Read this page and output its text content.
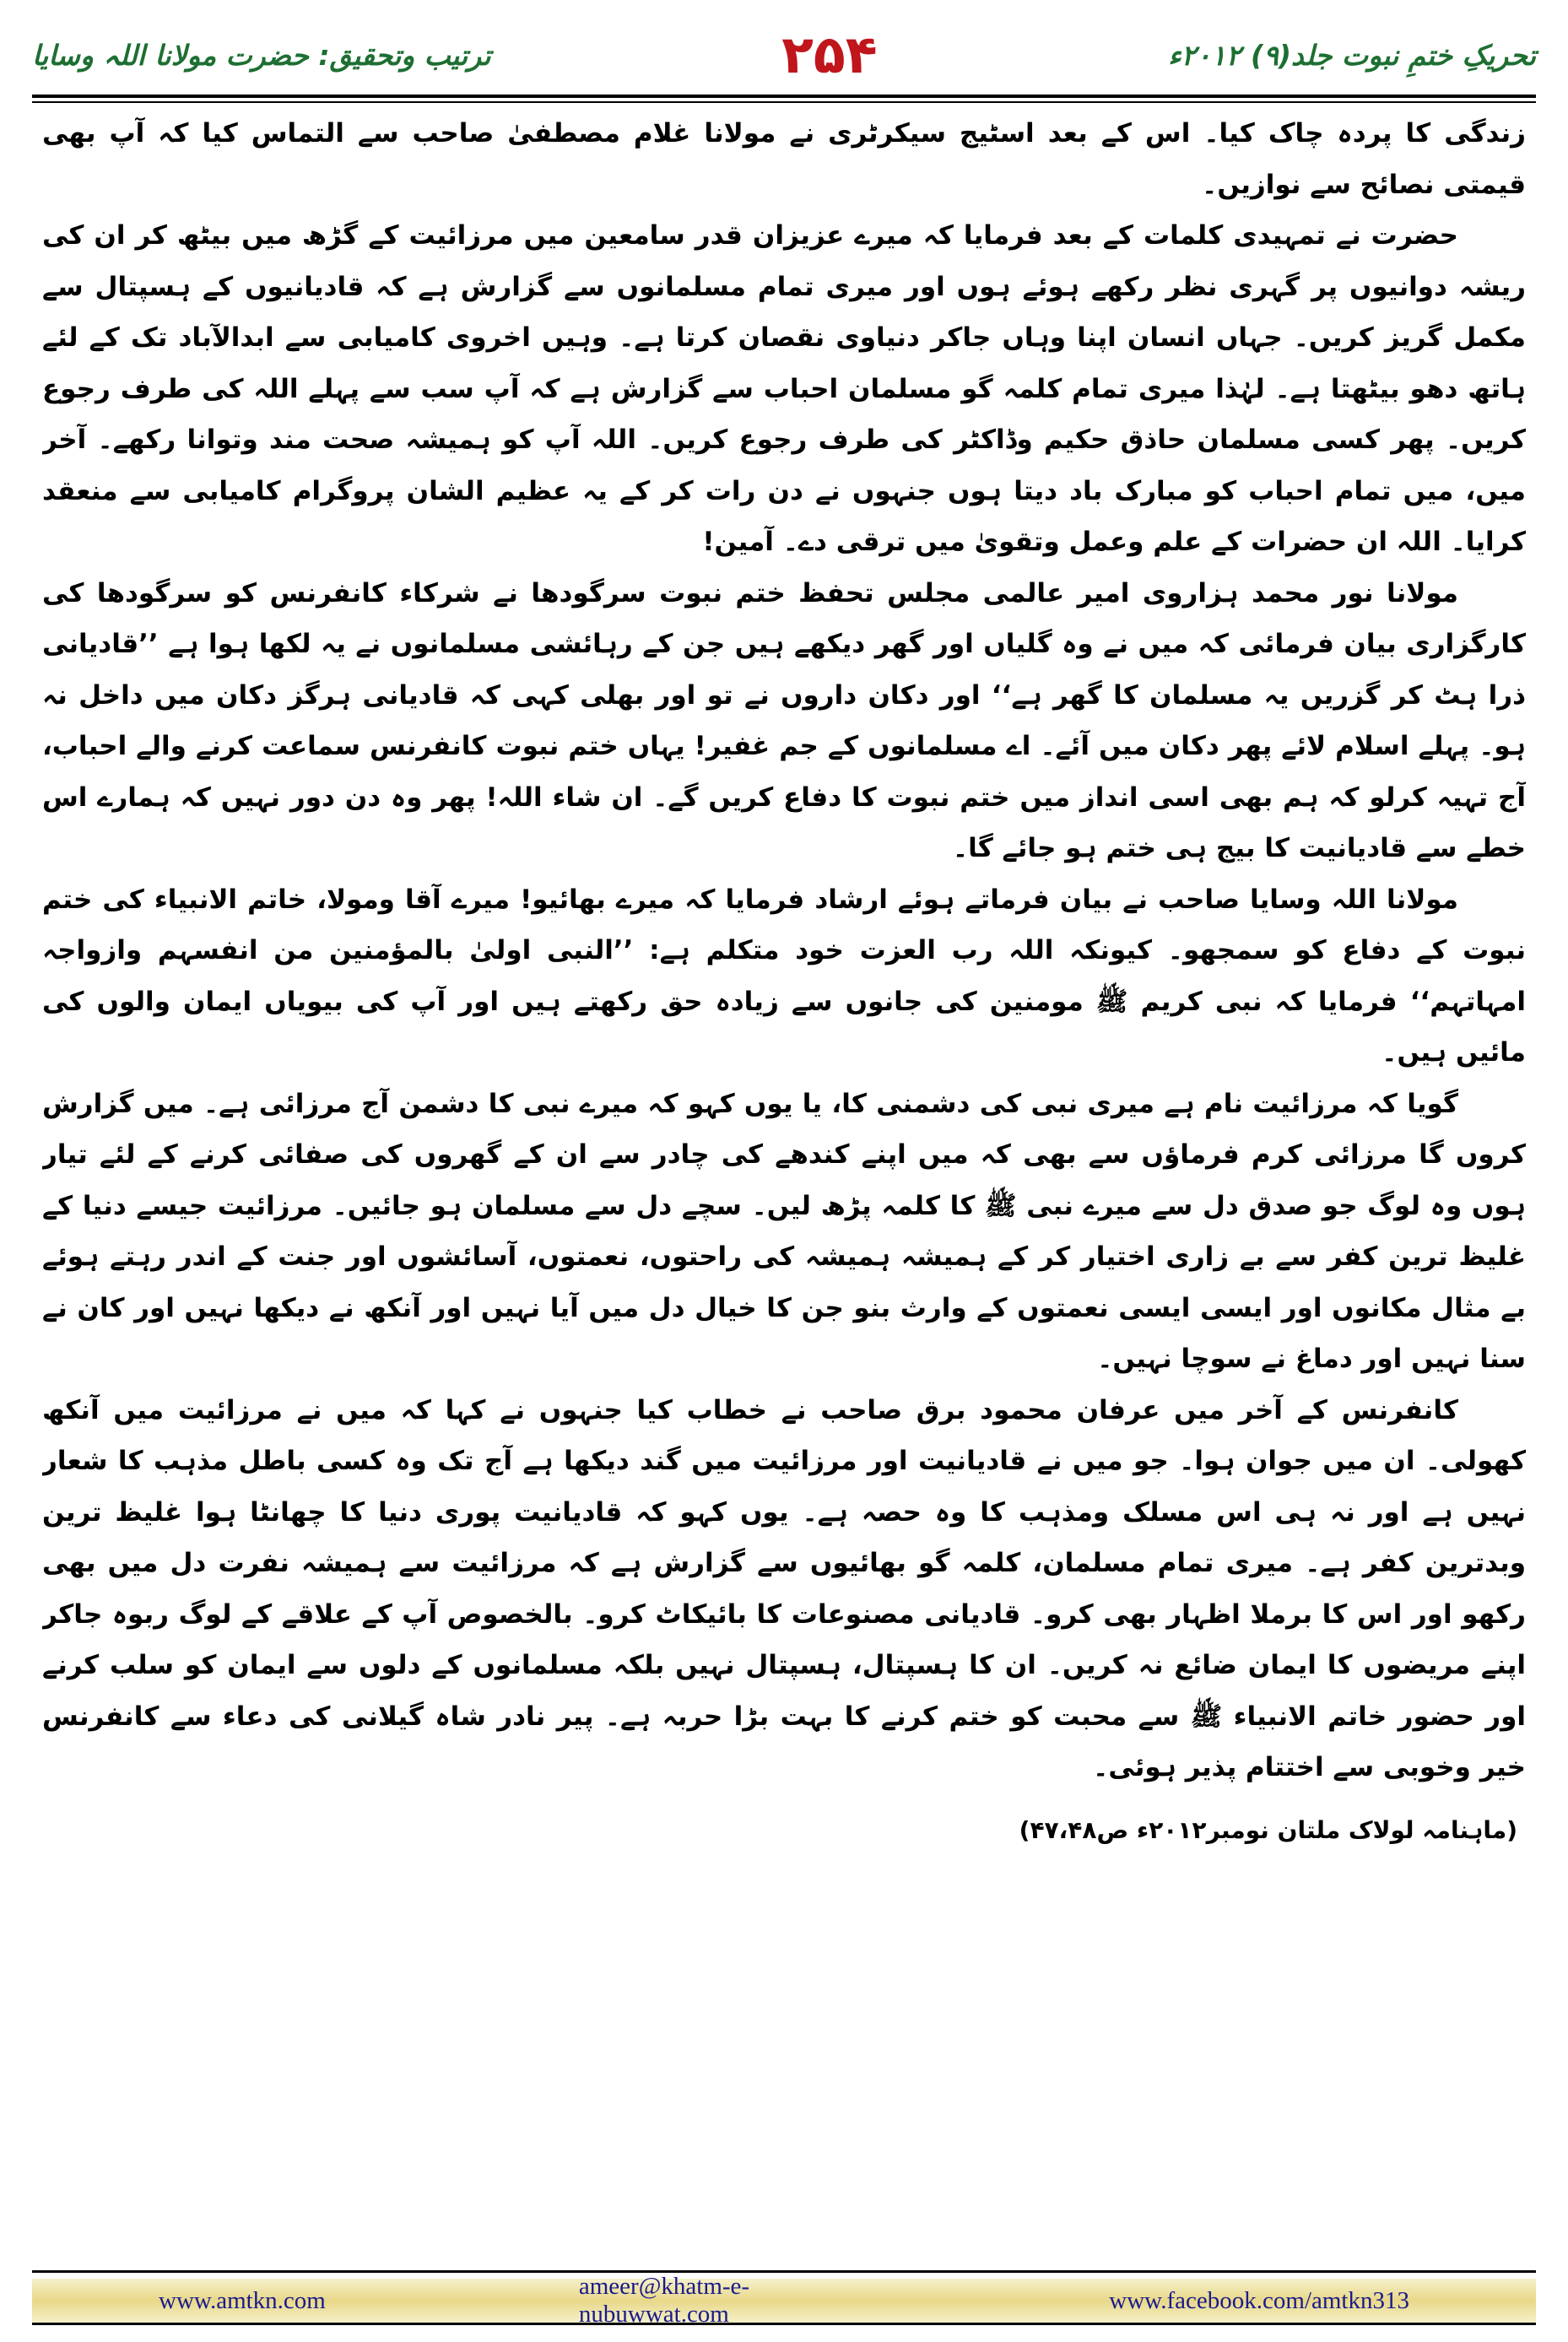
تحریکِ ختمِ نبوت جلد(۹) ۲۰۱۲ء
۲۵۴
ترتیب وتحقیق: حضرت مولانا اللہ وسایا

زندگی کا پردہ چاک کیا۔ اس کے بعد اسٹیج سیکرٹری نے مولانا غلام مصطفیٰ صاحب سے التماس کیا کہ آپ بھی قیمتی نصائح سے نوازیں۔

حضرت نے تمہیدی کلمات کے بعد فرمایا کہ میرے عزیزان قدر سامعین میں مرزائیت کے گڑھ میں بیٹھ کر ان کی ریشہ دوانیوں پر گہری نظر رکھے ہوئے ہوں اور میری تمام مسلمانوں سے گزارش ہے کہ قادیانیوں کے ہسپتال سے مکمل گریز کریں۔ جہاں انسان اپنا وہاں جاکر دنیاوی نقصان کرتا ہے۔ وہیں اخروی کامیابی سے ابدالآباد تک کے لئے ہاتھ دھو بیٹھتا ہے۔ لہٰذا میری تمام کلمہ گو مسلمان احباب سے گزارش ہے کہ آپ سب سے پہلے اللہ کی طرف رجوع کریں۔ پھر کسی مسلمان حاذق حکیم وڈاکٹر کی طرف رجوع کریں۔ اللہ آپ کو ہمیشہ صحت مند وتوانا رکھے۔ آخر میں، میں تمام احباب کو مبارک باد دیتا ہوں جنہوں نے دن رات کر کے یہ عظیم الشان پروگرام کامیابی سے منعقد کرایا۔ اللہ ان حضرات کے علم وعمل وتقویٰ میں ترقی دے۔ آمین!

مولانا نور محمد ہزاروی امیر عالمی مجلس تحفظ ختم نبوت سرگودھا نے شرکاء کانفرنس کو سرگودھا کی کارگزاری بیان فرمائی کہ میں نے وہ گلیاں اور گھر دیکھے ہیں جن کے رہائشی مسلمانوں نے یہ لکھا ہوا ہے ’’قادیانی ذرا ہٹ کر گزریں یہ مسلمان کا گھر ہے‘‘ اور دکان داروں نے تو اور بھلی کہی کہ قادیانی ہرگز دکان میں داخل نہ ہو۔ پہلے اسلام لائے پھر دکان میں آئے۔ اے مسلمانوں کے جم غفیر! یہاں ختم نبوت کانفرنس سماعت کرنے والے احباب، آج تہیہ کرلو کہ ہم بھی اسی انداز میں ختم نبوت کا دفاع کریں گے۔ ان شاء اللہ! پھر وہ دن دور نہیں کہ ہمارے اس خطے سے قادیانیت کا بیج ہی ختم ہو جائے گا۔

مولانا اللہ وسایا صاحب نے بیان فرماتے ہوئے ارشاد فرمایا کہ میرے بھائیو! میرے آقا ومولا، خاتم الانبیاء کی ختم نبوت کے دفاع کو سمجھو۔ کیونکہ اللہ رب العزت خود متکلم ہے: ’’النبی اولیٰ بالمؤمنین من انفسہم وازواجہ امہاتہم‘‘ فرمایا کہ نبی کریم ﷺ مومنین کی جانوں سے زیادہ حق رکھتے ہیں اور آپ کی بیویاں ایمان والوں کی مائیں ہیں۔

گویا کہ مرزائیت نام ہے میری نبی کی دشمنی کا، یا یوں کہو کہ میرے نبی کا دشمن آج مرزائی ہے۔ میں گزارش کروں گا مرزائی کرم فرماؤں سے بھی کہ میں اپنے کندھے کی چادر سے ان کے گھروں کی صفائی کرنے کے لئے تیار ہوں وہ لوگ جو صدق دل سے میرے نبی ﷺ کا کلمہ پڑھ لیں۔ سچے دل سے مسلمان ہو جائیں۔ مرزائیت جیسے دنیا کے غلیظ ترین کفر سے بے زاری اختیار کر کے ہمیشہ ہمیشہ کی راحتوں، نعمتوں، آسائشوں اور جنت کے اندر رہتے ہوئے بے مثال مکانوں اور ایسی ایسی نعمتوں کے وارث بنو جن کا خیال دل میں آیا نہیں اور آنکھ نے دیکھا نہیں اور کان نے سنا نہیں اور دماغ نے سوچا نہیں۔

کانفرنس کے آخر میں عرفان محمود برق صاحب نے خطاب کیا جنہوں نے کہا کہ میں نے مرزائیت میں آنکھ کھولی۔ ان میں جوان ہوا۔ جو میں نے قادیانیت اور مرزائیت میں گند دیکھا ہے آج تک وہ کسی باطل مذہب کا شعار نہیں ہے اور نہ ہی اس مسلک ومذہب کا وہ حصہ ہے۔ یوں کہو کہ قادیانیت پوری دنیا کا چھانٹا ہوا غلیظ ترین وبدترین کفر ہے۔ میری تمام مسلمان، کلمہ گو بھائیوں سے گزارش ہے کہ مرزائیت سے ہمیشہ نفرت دل میں بھی رکھو اور اس کا برملا اظہار بھی کرو۔ قادیانی مصنوعات کا بائیکاٹ کرو۔ بالخصوص آپ کے علاقے کے لوگ ربوہ جاکر اپنے مریضوں کا ایمان ضائع نہ کریں۔ ان کا ہسپتال، ہسپتال نہیں بلکہ مسلمانوں کے دلوں سے ایمان کو سلب کرنے اور حضور خاتم الانبیاء ﷺ سے محبت کو ختم کرنے کا بہت بڑا حربہ ہے۔ پیر نادر شاہ گیلانی کی دعاء سے کانفرنس خیر وخوبی سے اختتام پذیر ہوئی۔

(ماہنامہ لولاک ملتان نومبر۲۰۱۲ء ص۴۷،۴۸)

www.amtkn.com
ameer@khatm-e-nubuwwat.com
www.facebook.com/amtkn313
